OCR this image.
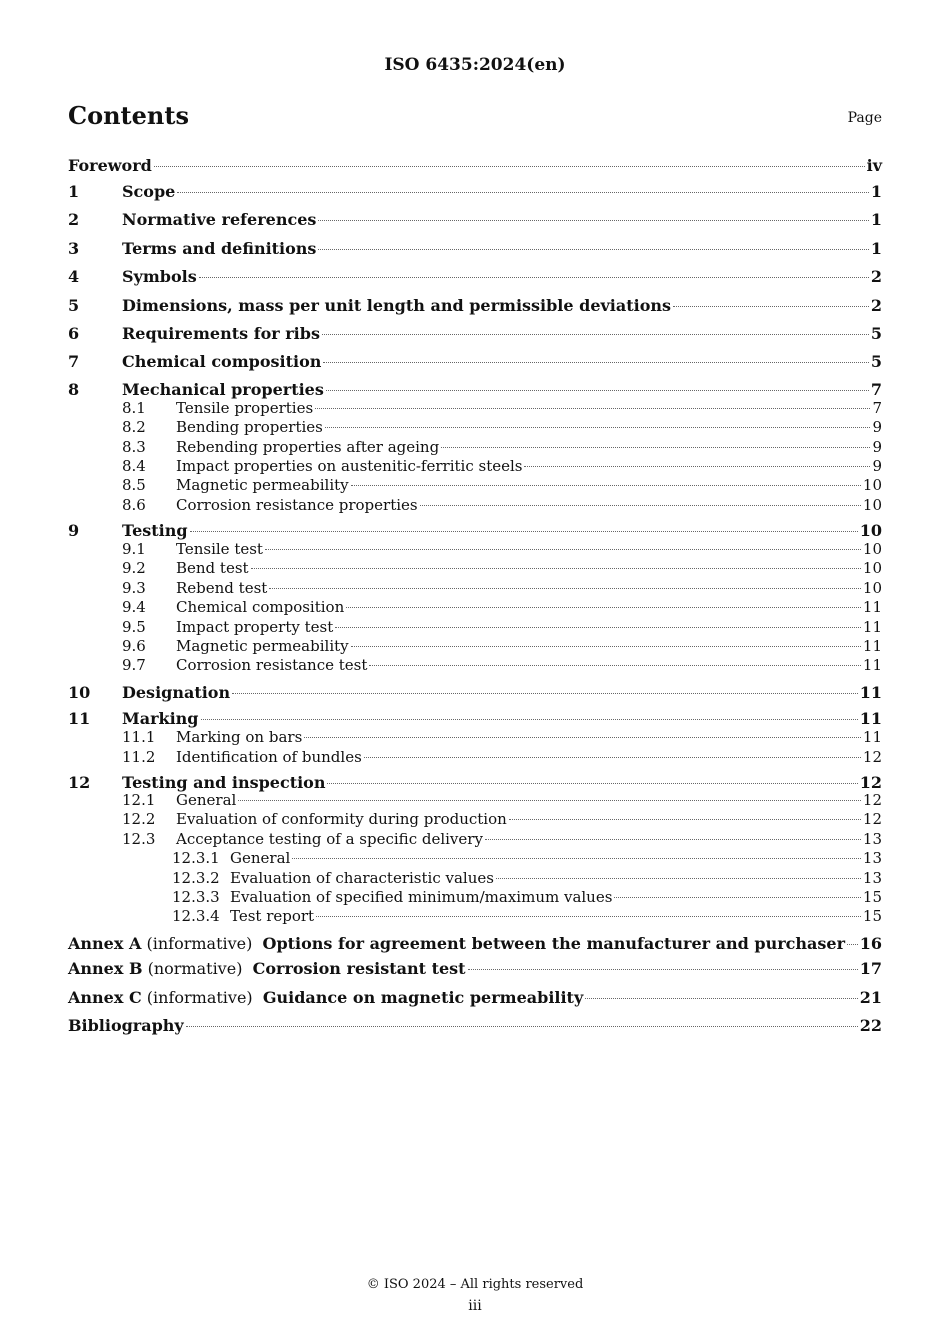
ISO 6435:2024(en)
Contents	Page
Foreword	iv
1	Scope	1
2	Normative references	1
3	Terms and definitions	1
4	Symbols	2
5	Dimensions, mass per unit length and permissible deviations	2
6	Requirements for ribs	5
7	Chemical composition	5
8	Mechanical properties	7
8.1	Tensile properties	7
8.2	Bending properties	9
8.3	Rebending properties after ageing	9
8.4	Impact properties on austenitic-ferritic steels	9
8.5	Magnetic permeability	10
8.6	Corrosion resistance properties	10
9	Testing	10
9.1	Tensile test	10
9.2	Bend test	10
9.3	Rebend test	10
9.4	Chemical composition	11
9.5	Impact property test	11
9.6	Magnetic permeability	11
9.7	Corrosion resistance test	11
10	Designation	11
11	Marking	11
11.1	Marking on bars	11
11.2	Identification of bundles	12
12	Testing and inspection	12
12.1	General	12
12.2	Evaluation of conformity during production	12
12.3	Acceptance testing of a specific delivery	13
12.3.1 General	13
12.3.2 Evaluation of characteristic values	13
12.3.3 Evaluation of specified minimum/maximum values	15
12.3.4 Test report	15
Annex A (informative) Options for agreement between the manufacturer and purchaser 16
Annex B (normative) Corrosion resistant test	17
Annex C (informative) Guidance on magnetic permeability	21
Bibliography	22
© ISO 2024 – All rights reserved
iii
